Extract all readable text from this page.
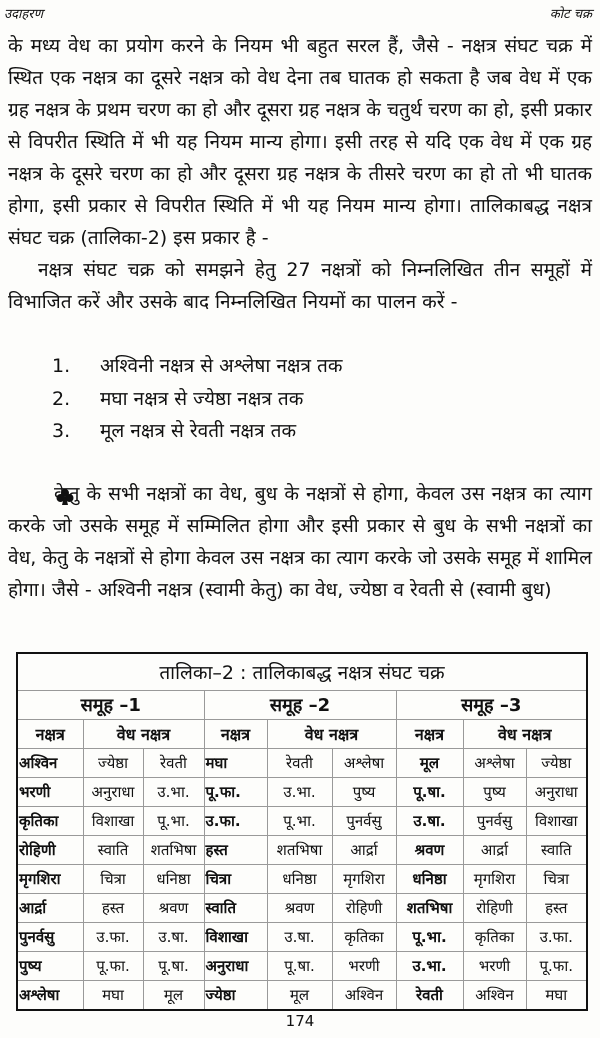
उदाहरण	कोट चक्र
के मध्य वेध का प्रयोग करने के नियम भी बहुत सरल हैं, जैसे - नक्षत्र संघट चक्र में स्थित एक नक्षत्र का दूसरे नक्षत्र को वेध देना तब घातक हो सकता है जब वेध में एक ग्रह नक्षत्र के प्रथम चरण का हो और दूसरा ग्रह नक्षत्र के चतुर्थ चरण का हो, इसी प्रकार से विपरीत स्थिति में भी यह नियम मान्य होगा। इसी तरह से यदि एक वेध में एक ग्रह नक्षत्र के दूसरे चरण का हो और दूसरा ग्रह नक्षत्र के तीसरे चरण का हो तो भी घातक होगा, इसी प्रकार से विपरीत स्थिति में भी यह नियम मान्य होगा। तालिकाबद्ध नक्षत्र संघट चक्र (तालिका-2) इस प्रकार है -
नक्षत्र संघट चक्र को समझने हेतु 27 नक्षत्रों को निम्नलिखित तीन समूहों में विभाजित करें और उसके बाद निम्नलिखित नियमों का पालन करें -
1. अश्विनी नक्षत्र से अश्लेषा नक्षत्र तक
2. मघा नक्षत्र से ज्येष्ठा नक्षत्र तक
3. मूल नक्षत्र से रेवती नक्षत्र तक
केतु के सभी नक्षत्रों का वेध, बुध के नक्षत्रों से होगा, केवल उस नक्षत्र का त्याग करके जो उसके समूह में सम्मिलित होगा और इसी प्रकार से बुध के सभी नक्षत्रों का वेध, केतु के नक्षत्रों से होगा केवल उस नक्षत्र का त्याग करके जो उसके समूह में शामिल होगा। जैसे - अश्विनी नक्षत्र (स्वामी केतु) का वेध, ज्येष्ठा व रेवती से (स्वामी बुध)
तालिका–2 : तालिकाबद्ध नक्षत्र संघट चक्र								
समूह –1			समूह –2			समूह –3		
नक्षत्र	वेध नक्षत्र		नक्षत्र	वेध नक्षत्र		नक्षत्र	वेध नक्षत्र	
अश्विन	ज्येष्ठा	रेवती	मघा	रेवती	अश्लेषा	मूल	अश्लेषा	ज्येष्ठा
भरणी	अनुराधा	उ.भा.	पू.फा.	उ.भा.	पुष्य	पू.षा.	पुष्य	अनुराधा
कृतिका	विशाखा	पू.भा.	उ.फा.	पू.भा.	पुनर्वसु	उ.षा.	पुनर्वसु	विशाखा
रोहिणी	स्वाति	शतभिषा	हस्त	शतभिषा	आर्द्रा	श्रवण	आर्द्रा	स्वाति
मृगशिरा	चित्रा	धनिष्ठा	चित्रा	धनिष्ठा	मृगशिरा	धनिष्ठा	मृगशिरा	चित्रा
आर्द्रा	हस्त	श्रवण	स्वाति	श्रवण	रोहिणी	शतभिषा	रोहिणी	हस्त
पुनर्वसु	उ.फा.	उ.षा.	विशाखा	उ.षा.	कृतिका	पू.भा.	कृतिका	उ.फा.
पुष्य	पू.फा.	पू.षा.	अनुराधा	पू.षा.	भरणी	उ.भा.	भरणी	पू.फा.
अश्लेषा	मघा	मूल	ज्येष्ठा	मूल	अश्विन	रेवती	अश्विन	मघा
174
